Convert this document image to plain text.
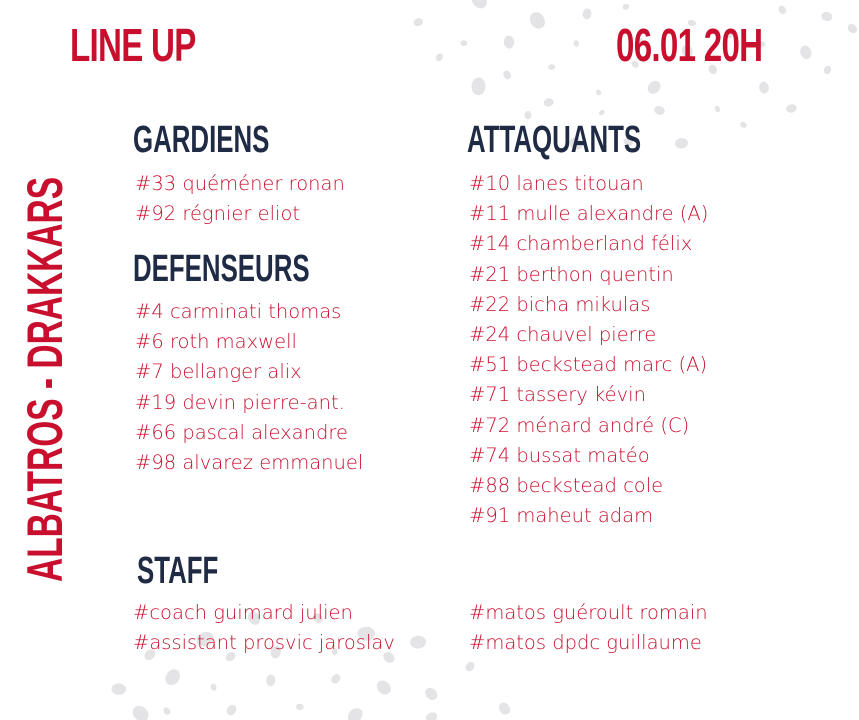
LINE UP	06.01 20H
ALBATROS - DRAKKARS
GARDIENS
#33 quéméner ronan
#92 régnier eliot
DEFENSEURS
#4 carminati thomas
#6 roth maxwell
#7 bellanger alix
#19 devin pierre-ant.
#66 pascal alexandre
#98 alvarez emmanuel
ATTAQUANTS
#10 lanes titouan
#11 mulle alexandre (A)
#14 chamberland félix
#21 berthon quentin
#22 bicha mikulas
#24 chauvel pierre
#51 beckstead marc (A)
#71 tassery kévin
#72 ménard andré (C)
#74 bussat matéo
#88 beckstead cole
#91 maheut adam
STAFF
#coach guimard julien
#assistant prosvic jaroslav
#matos guéroult romain
#matos dpdc guillaume
